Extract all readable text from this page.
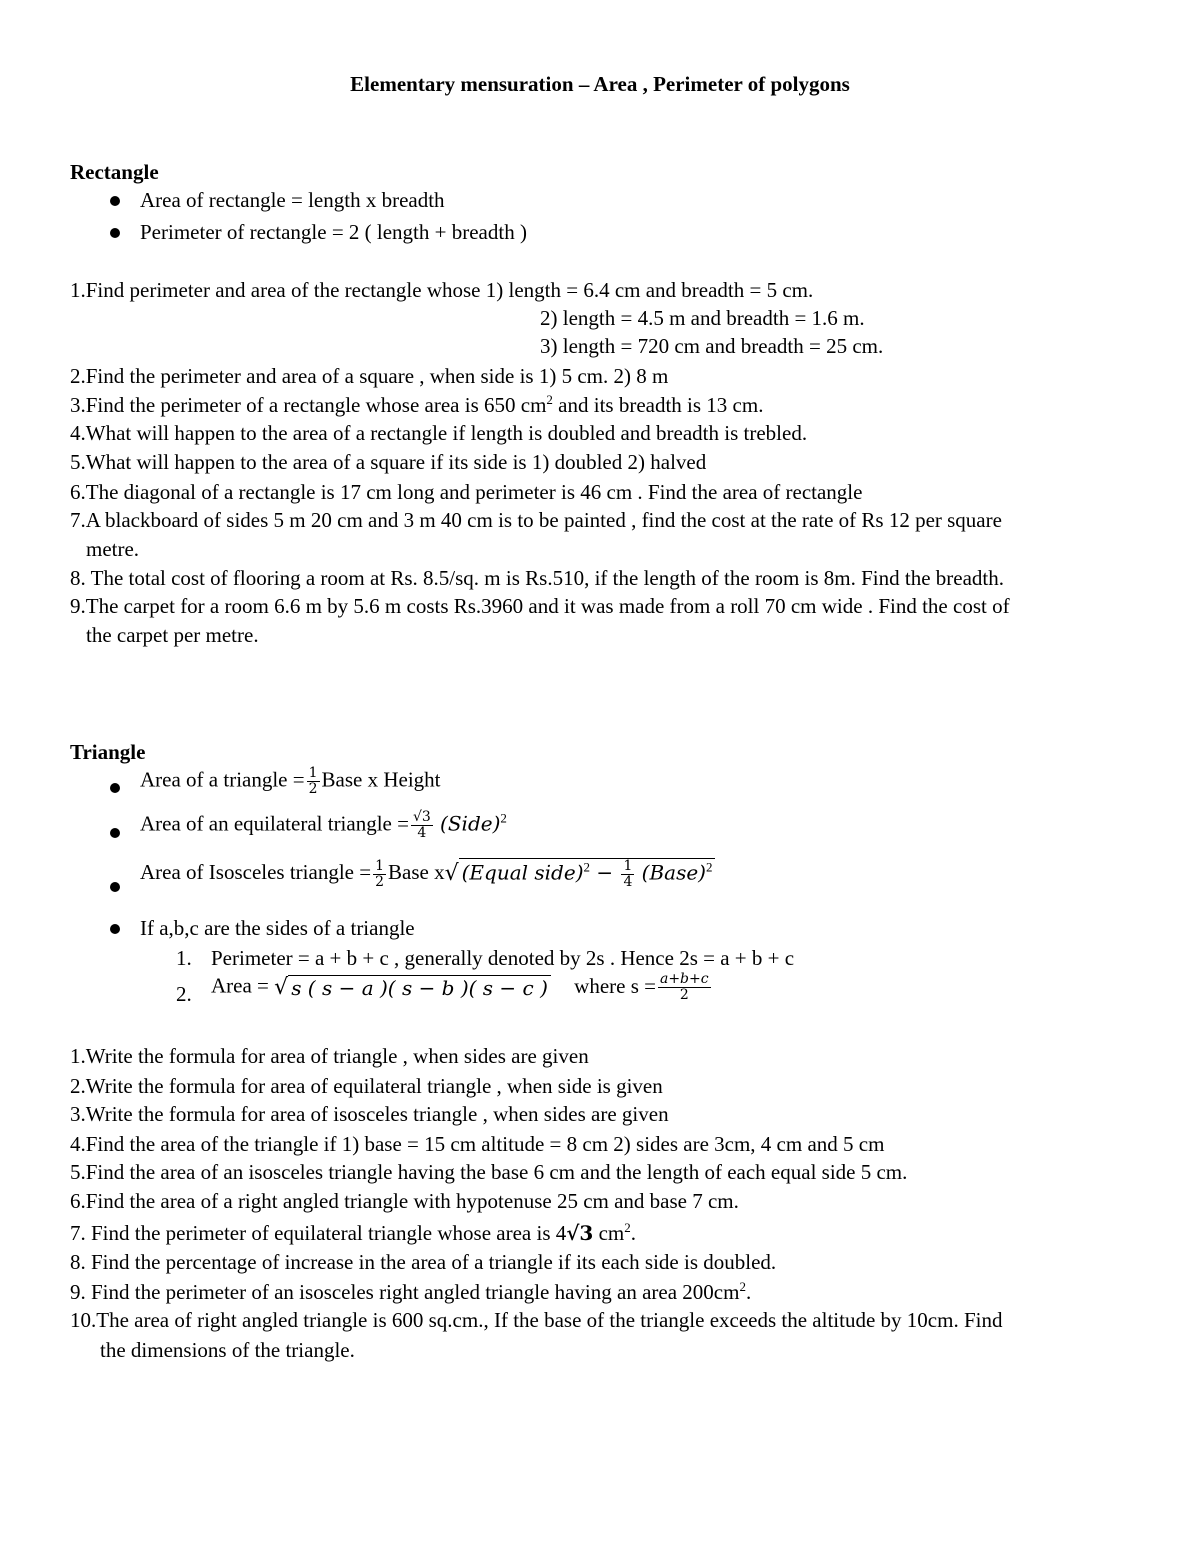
Elementary mensuration – Area , Perimeter of polygons
Rectangle
Area of rectangle = length x breadth
Perimeter of rectangle = 2 ( length + breadth )
1.Find perimeter and area of the rectangle whose 1) length = 6.4 cm and breadth = 5 cm.
2) length = 4.5 m and breadth = 1.6 m.
3) length = 720 cm and breadth = 25 cm.
2.Find the perimeter and area of a square , when side is 1) 5 cm. 2) 8 m
3.Find the perimeter of a rectangle whose area is 650 $cm^2$ and its breadth is 13 cm.
4.What will happen to the area of a rectangle if length is doubled and breadth is trebled.
5.What will happen to the area of a square if its side is 1) doubled 2) halved
6.The diagonal of a rectangle is 17 cm long and perimeter is 46 cm . Find the area of rectangle
7.A blackboard of sides 5 m 20 cm and 3 m 40 cm is to be painted , find the cost at the rate of Rs 12 per square
metre.
8. The total cost of flooring a room at Rs. 8.5/sq. m is Rs.510, if the length of the room is 8m. Find the breadth.
9.The carpet for a room 6.6 m by 5.6 m costs Rs.3960 and it was made from a roll 70 cm wide . Find the cost of
the carpet per metre.
Triangle
Area of a triangle = $\frac{1}{2}$ Base x Height
Area of an equilateral triangle = $\frac{√3}{4}$ (Side)$^2$
Area of Isosceles triangle = $\frac{1}{2}$ Base x√ (Equal side)$^2$ − $\frac{1}{4}$ (Base)$^2$
If a,b,c are the sides of a triangle
1. Perimeter = a + b + c , generally denoted by 2s . Hence 2s = a + b + c
2. Area = √ s ( s − a )( s − b )( s − c ) where $s = \frac{a+b+c}{2}$
1.Write the formula for area of triangle , when sides are given
2.Write the formula for area of equilateral triangle , when side is given
3.Write the formula for area of isosceles triangle , when sides are given
4.Find the area of the triangle if 1) base = 15 cm altitude = 8 cm 2) sides are 3cm, 4 cm and 5 cm
5.Find the area of an isosceles triangle having the base 6 cm and the length of each equal side 5 cm.
6.Find the area of a right angled triangle with hypotenuse 25 cm and base 7 cm.
7. Find the perimeter of equilateral triangle whose area is 4√3 $cm^2$.
8. Find the percentage of increase in the area of a triangle if its each side is doubled.
9. Find the perimeter of an isosceles right angled triangle having an area $200cm^2$.
10.The area of right angled triangle is 600 sq.cm., If the base of the triangle exceeds the altitude by 10cm. Find
the dimensions of the triangle.
